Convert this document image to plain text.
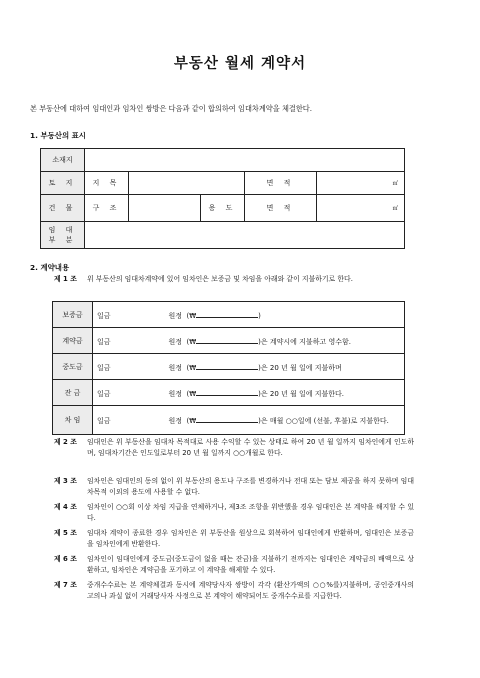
부동산 월세 계약서
본 부동산에 대하여 임대인과 임차인 쌍방은 다음과 같이 합의하여 임대차계약을 체결한다.
1. 부동산의 표시
소재지					
토 지	지 목			면 적	㎡
건 물	구 조		용 도	면 적	㎡
임 대 부 분					
2. 계약내용
제 1 조 위 부동산의 임대차계약에 있어 임차인은 보증금 및 차임을 아래와 같이 지불하기로 한다.
보증금	일금 원정 (₩ )
계약금	일금 원정 (₩ )은 계약시에 지불하고 영수함.
중도금	일금 원정 (₩ )은 20 년 월 일에 지불하며
잔 금	일금 원정 (₩ )은 20 년 월 일에 지불한다.
차 임	일금 원정 (₩ )은 매월 ○○일에 (선불, 후불)로 지불한다.
제 2 조 임대인은 위 부동산을 임대차 목적대로 사용 수익할 수 있는 상태로 하여 20 년 월 일까지 임차인에게 인도하며, 임대차기간은 인도일로부터 20 년 월 일까지 ○○개월로 한다.
제 3 조 임차인은 임대인의 동의 없이 위 부동산의 용도나 구조를 변경하거나 전대 또는 담보 제공을 하지 못하며 임대차목적 이외의 용도에 사용할 수 없다.
제 4 조 임차인이 ○○회 이상 차임 지급을 연체하거나, 제3조 조항을 위반했을 경우 임대인은 본 계약을 해지할 수 있다.
제 5 조 임대차 계약이 종료한 경우 임차인은 위 부동산을 원상으로 회복하여 임대인에게 반환하며, 임대인은 보증금을 임차인에게 반환한다.
제 6 조 임차인이 임대인에게 중도금(중도금이 없을 때는 잔금)을 지불하기 전까지는 임대인은 계약금의 배액으로 상환하고, 임차인은 계약금을 포기하고 이 계약을 해제할 수 있다.
제 7 조 중개수수료는 본 계약체결과 동시에 계약당사자 쌍방이 각각 (환산가액의 ○○%를)지불하며, 공인중개사의 고의나 과실 없이 거래당사자 사정으로 본 계약이 해약되어도 중개수수료를 지급한다.
